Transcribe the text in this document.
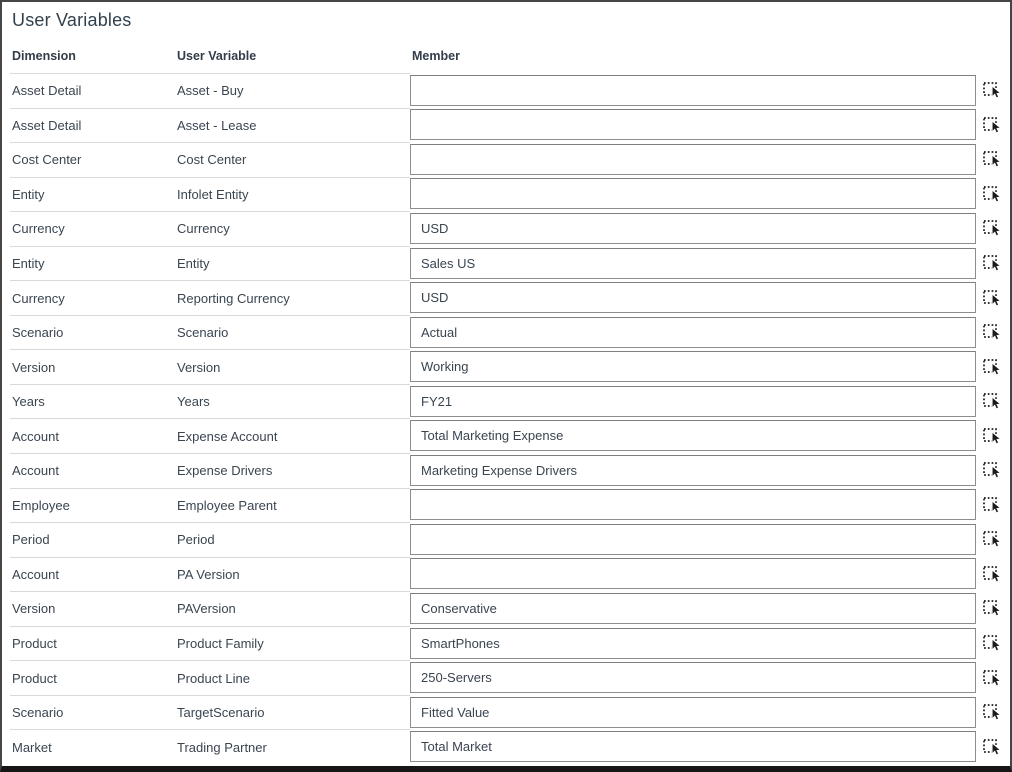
User Variables
Dimension	User Variable	Member
Asset Detail	Asset - Buy
Asset Detail	Asset - Lease
Cost Center	Cost Center
Entity	Infolet Entity
Currency	Currency	USD
Entity	Entity	Sales US
Currency	Reporting Currency	USD
Scenario	Scenario	Actual
Version	Version	Working
Years	Years	FY21
Account	Expense Account	Total Marketing Expense
Account	Expense Drivers	Marketing Expense Drivers
Employee	Employee Parent
Period	Period
Account	PA Version
Version	PAVersion	Conservative
Product	Product Family	SmartPhones
Product	Product Line	250-Servers
Scenario	TargetScenario	Fitted Value
Market	Trading Partner	Total Market
